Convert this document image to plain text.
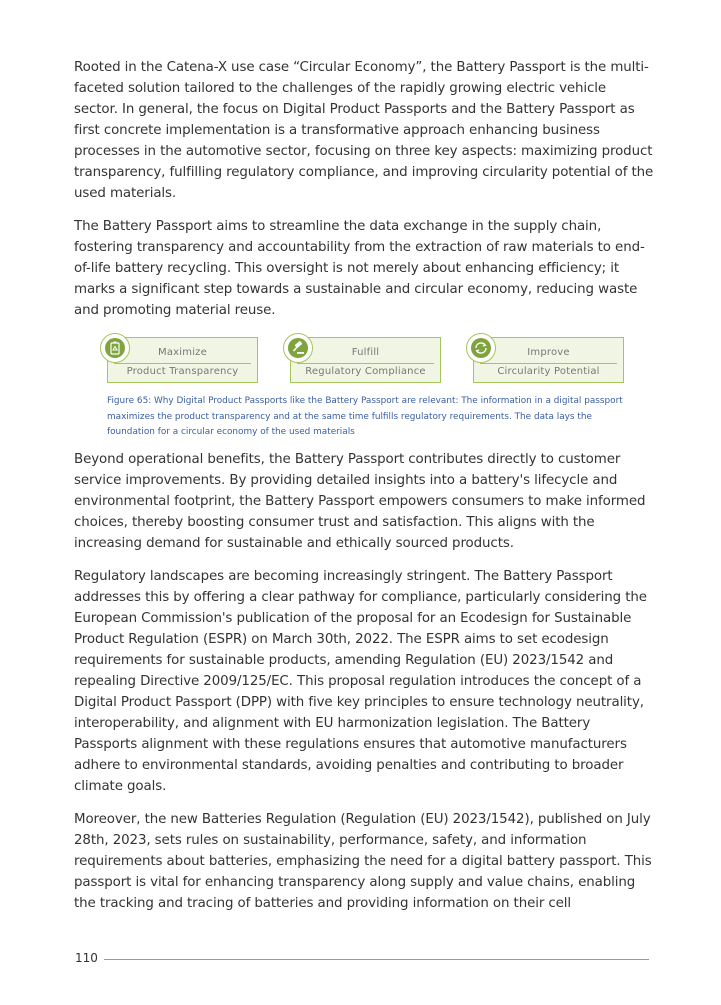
Rooted in the Catena-X use case “Circular Economy”, the Battery Passport is the multi-faceted solution tailored to the challenges of the rapidly growing electric vehicle sector. In general, the focus on Digital Product Passports and the Battery Passport as first concrete implementation is a transformative approach enhancing business processes in the automotive sector, focusing on three key aspects: maximizing product transparency, fulfilling regulatory compliance, and improving circularity potential of the used materials.

The Battery Passport aims to streamline the data exchange in the supply chain, fostering transparency and accountability from the extraction of raw materials to end-of-life battery recycling. This oversight is not merely about enhancing efficiency; it marks a significant step towards a sustainable and circular economy, reducing waste and promoting material reuse.

Maximize
Product Transparency
Fulfill
Regulatory Compliance
Improve
Circularity Potential

Figure 65: Why Digital Product Passports like the Battery Passport are relevant: The information in a digital passport maximizes the product transparency and at the same time fulfills regulatory requirements. The data lays the foundation for a circular economy of the used materials

Beyond operational benefits, the Battery Passport contributes directly to customer service improvements. By providing detailed insights into a battery's lifecycle and environmental footprint, the Battery Passport empowers consumers to make informed choices, thereby boosting consumer trust and satisfaction. This aligns with the increasing demand for sustainable and ethically sourced products.

Regulatory landscapes are becoming increasingly stringent. The Battery Passport addresses this by offering a clear pathway for compliance, particularly considering the European Commission's publication of the proposal for an Ecodesign for Sustainable Product Regulation (ESPR) on March 30th, 2022. The ESPR aims to set ecodesign requirements for sustainable products, amending Regulation (EU) 2023/1542 and repealing Directive 2009/125/EC. This proposal regulation introduces the concept of a Digital Product Passport (DPP) with five key principles to ensure technology neutrality, interoperability, and alignment with EU harmonization legislation. The Battery Passports alignment with these regulations ensures that automotive manufacturers adhere to environmental standards, avoiding penalties and contributing to broader climate goals.

Moreover, the new Batteries Regulation (Regulation (EU) 2023/1542), published on July 28th, 2023, sets rules on sustainability, performance, safety, and information requirements about batteries, emphasizing the need for a digital battery passport. This passport is vital for enhancing transparency along supply and value chains, enabling the tracking and tracing of batteries and providing information on their cell

110
